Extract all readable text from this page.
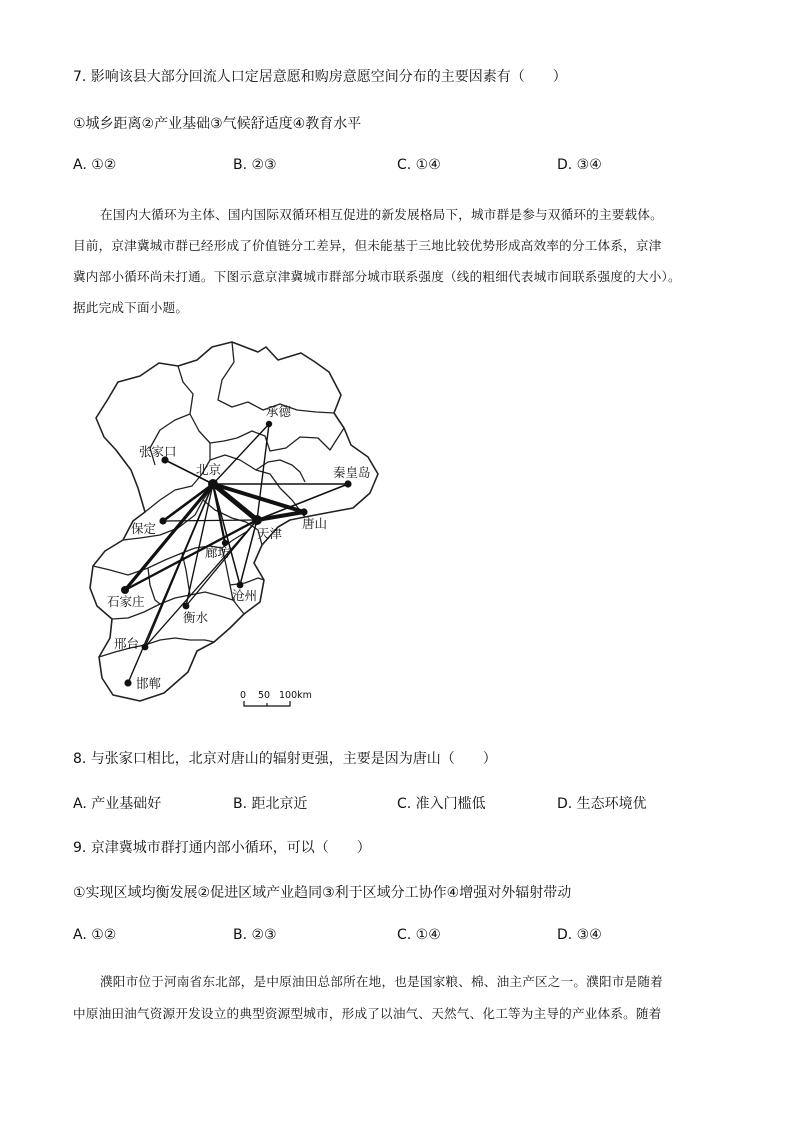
7. 影响该县大部分回流人口定居意愿和购房意愿空间分布的主要因素有（　　）
①城乡距离②产业基础③气候舒适度④教育水平
A. ①②	B. ②③	C. ①④	D. ③④
在国内大循环为主体、国内国际双循环相互促进的新发展格局下，城市群是参与双循环的主要载体。
目前，京津冀城市群已经形成了价值链分工差异，但未能基于三地比较优势形成高效率的分工体系，京津
冀内部小循环尚未打通。下图示意京津冀城市群部分城市联系强度（线的粗细代表城市间联系强度的大小）。
据此完成下面小题。
承德
张家口
北京	秦皇岛
保定	唐山
天津
廊坊
石家庄	沧州
衡水
邢台
邯郸
0 50 100km
8. 与张家口相比，北京对唐山的辐射更强，主要是因为唐山（　　）
A. 产业基础好	B. 距北京近	C. 准入门槛低	D. 生态环境优
9. 京津冀城市群打通内部小循环，可以（　　）
①实现区域均衡发展②促进区域产业趋同③利于区域分工协作④增强对外辐射带动
A. ①②	B. ②③	C. ①④	D. ③④
濮阳市位于河南省东北部，是中原油田总部所在地，也是国家粮、棉、油主产区之一。濮阳市是随着
中原油田油气资源开发设立的典型资源型城市，形成了以油气、天然气、化工等为主导的产业体系。随着
